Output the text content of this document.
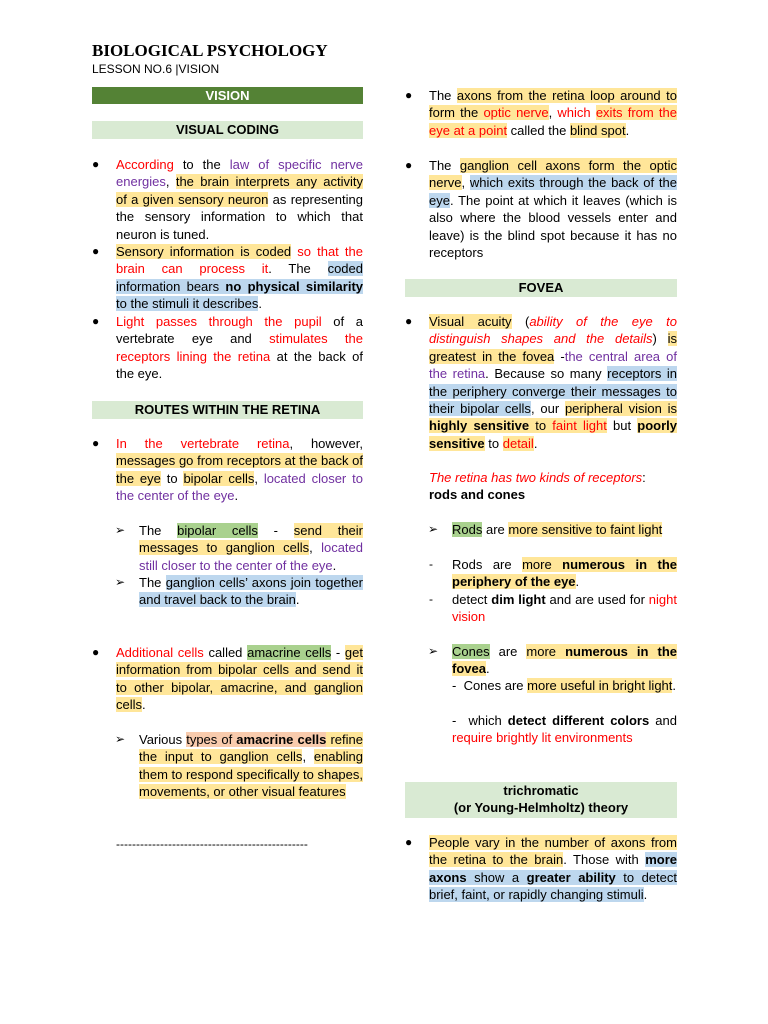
BIOLOGICAL PSYCHOLOGY
LESSON NO.6 |VISION
VISION
VISUAL CODING

● According to the law of specific nerve energies, the brain interprets any activity of a given sensory neuron as representing the sensory information to which that neuron is tuned.

● Sensory information is coded so that the brain can process it. The coded information bears no physical similarity to the stimuli it describes.

● Light passes through the pupil of a vertebrate eye and stimulates the receptors lining the retina at the back of the eye.

ROUTES WITHIN THE RETINA

● In the vertebrate retina, however, messages go from receptors at the back of the eye to bipolar cells, located closer to the center of the eye.

➢ The bipolar cells - send their messages to ganglion cells, located still closer to the center of the eye.

➢ The ganglion cells’ axons join together and travel back to the brain.

● Additional cells called amacrine cells - get information from bipolar cells and send it to other bipolar, amacrine, and ganglion cells.

➢ Various types of amacrine cells refine the input to ganglion cells, enabling them to respond specifically to shapes, movements, or other visual features

------------------------------------------------

● The axons from the retina loop around to form the optic nerve, which exits from the eye at a point called the blind spot.

● The ganglion cell axons form the optic nerve, which exits through the back of the eye. The point at which it leaves (which is also where the blood vessels enter and leave) is the blind spot because it has no receptors

FOVEA

● Visual acuity (ability of the eye to distinguish shapes and the details) is greatest in the fovea -the central area of the retina. Because so many receptors in the periphery converge their messages to their bipolar cells, our peripheral vision is highly sensitive to faint light but poorly sensitive to detail.

The retina has two kinds of receptors:
rods and cones

➢ Rods are more sensitive to faint light

- Rods are more numerous in the periphery of the eye.

- detect dim light and are used for night vision

➢ Cones are more numerous in the fovea.

-  Cones are more useful in bright light.

-  which detect different colors and require brightly lit environments

trichromatic
(or Young-Helmholtz) theory

● People vary in the number of axons from the retina to the brain. Those with more axons show a greater ability to detect brief, faint, or rapidly changing stimuli.
